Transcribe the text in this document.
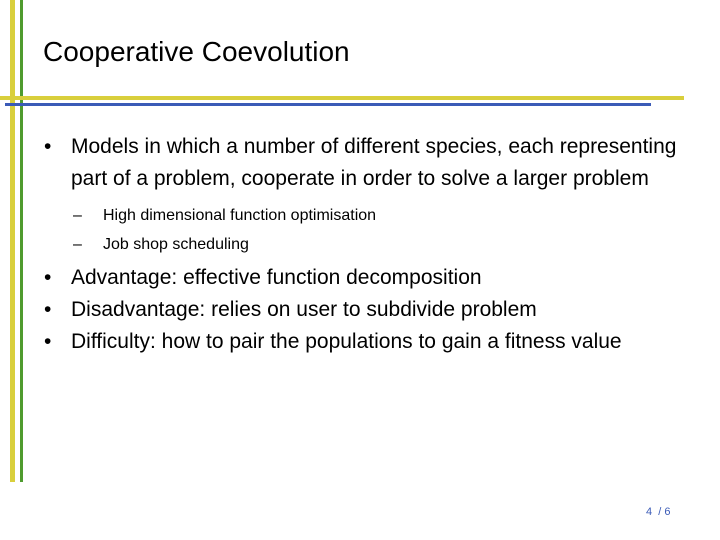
Cooperative Coevolution
• Models in which a number of different species, each representing part of a problem, cooperate in order to solve a larger problem
– High dimensional function optimisation
– Job shop scheduling
• Advantage: effective function decomposition
• Disadvantage: relies on user to subdivide problem
• Difficulty: how to pair the populations to gain a fitness value
4 / 6
